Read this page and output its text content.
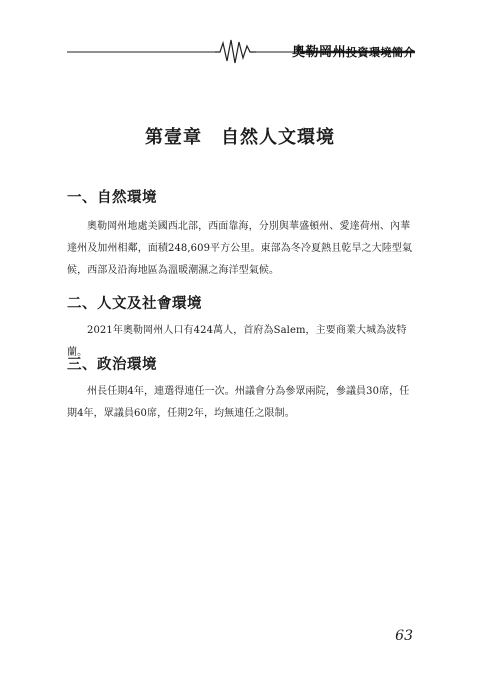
奧勒岡州投資環境簡介
第壹章　自然人文環境
一、自然環境
奧勒岡州地處美國西北部，西面靠海，分別與華盛頓州、愛達荷州、內華達州及加州相鄰，面積248,609平方公里。東部為冬冷夏熱且乾旱之大陸型氣候，西部及沿海地區為溫暖潮濕之海洋型氣候。
二、人文及社會環境
2021年奧勒岡州人口有424萬人，首府為Salem，主要商業大城為波特蘭。
三、政治環境
州長任期4年，連選得連任一次。州議會分為參眾兩院，參議員30席，任期4年，眾議員60席，任期2年，均無連任之限制。
63
